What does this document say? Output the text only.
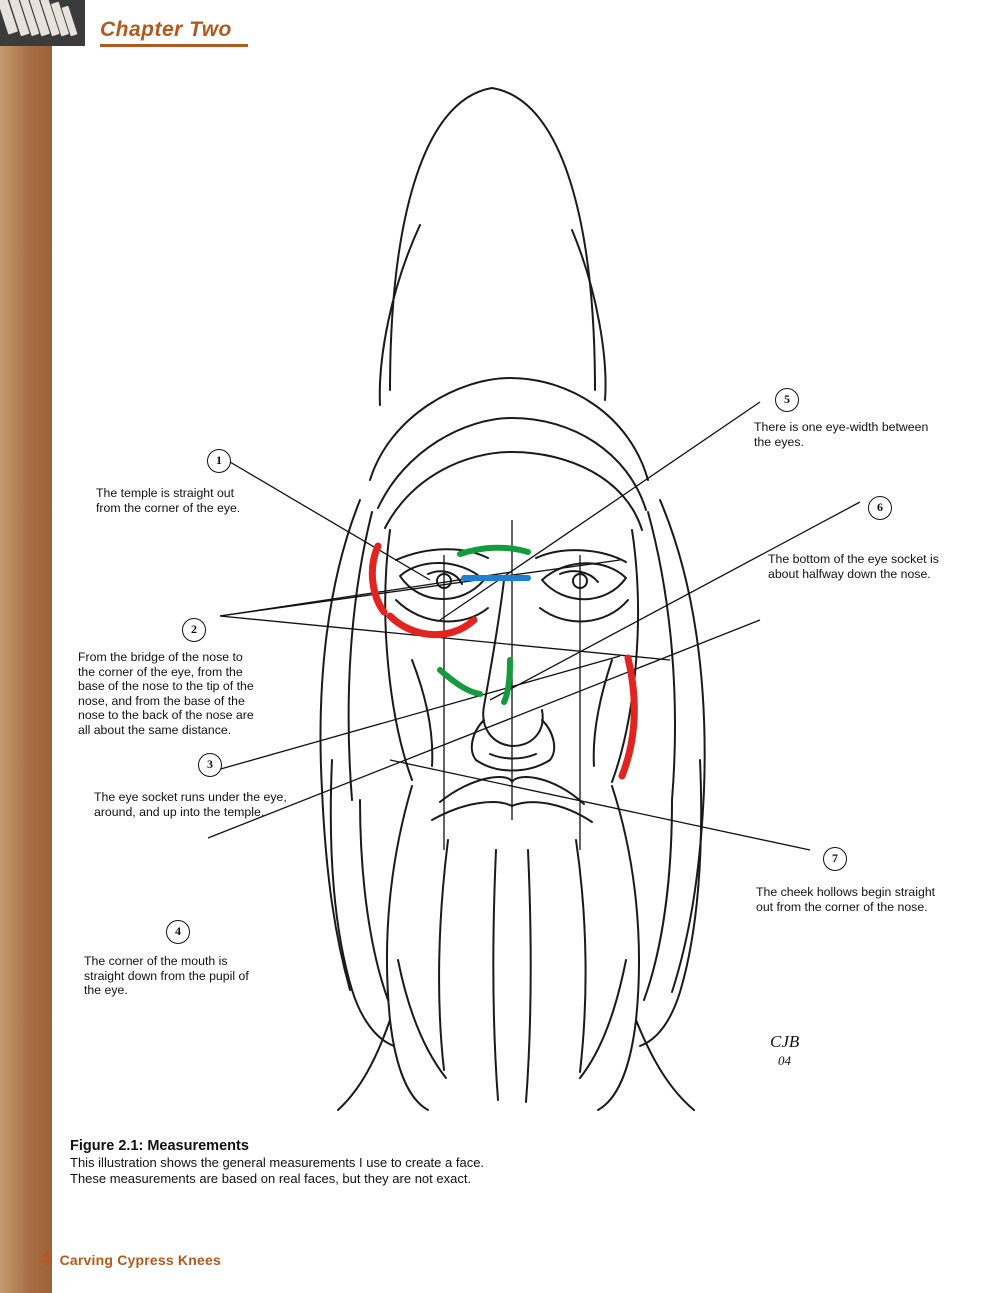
Chapter Two
CJB
04
1
The temple is straight out from the corner of the eye.
2
From the bridge of the nose to the corner of the eye, from the base of the nose to the tip of the nose, and from the base of the nose to the back of the nose are all about the same distance.
3
The eye socket runs under the eye, around, and up into the temple.
4
The corner of the mouth is straight down from the pupil of the eye.
5
There is one eye-width between the eyes.
6
The bottom of the eye socket is about halfway down the nose.
7
The cheek hollows begin straight out from the corner of the nose.
Figure 2.1: Measurements
This illustration shows the general measurements I use to create a face.
These measurements are based on real faces, but they are not exact.
4 Carving Cypress Knees
